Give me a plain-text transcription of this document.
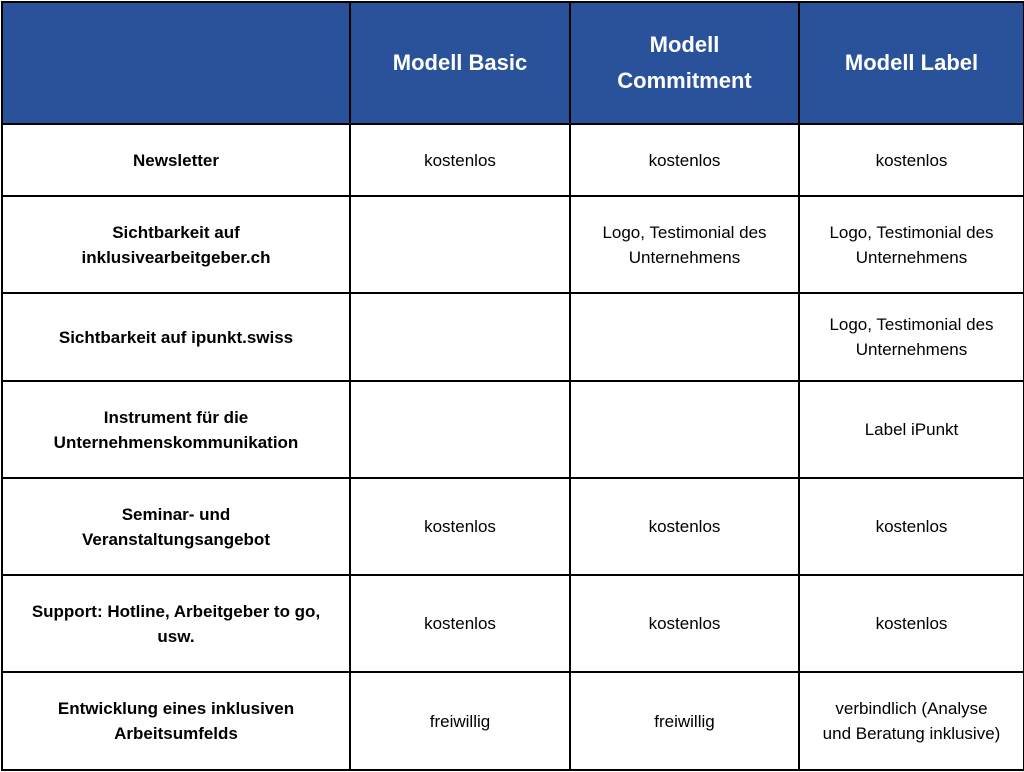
	Modell Basic	Modell
Commitment	Modell Label

Newsletter	kostenlos	kostenlos	kostenlos

Sichtbarkeit auf
inklusivearbeitgeber.ch		Logo, Testimonial des
Unternehmens	Logo, Testimonial des
Unternehmens

Sichtbarkeit auf ipunkt.swiss			Logo, Testimonial des
Unternehmens

Instrument für die
Unternehmenskommunikation			Label iPunkt

Seminar- und
Veranstaltungsangebot	kostenlos	kostenlos	kostenlos

Support: Hotline, Arbeitgeber to go,
usw.	kostenlos	kostenlos	kostenlos

Entwicklung eines inklusiven
Arbeitsumfelds	freiwillig	freiwillig	verbindlich (Analyse
und Beratung inklusive)
